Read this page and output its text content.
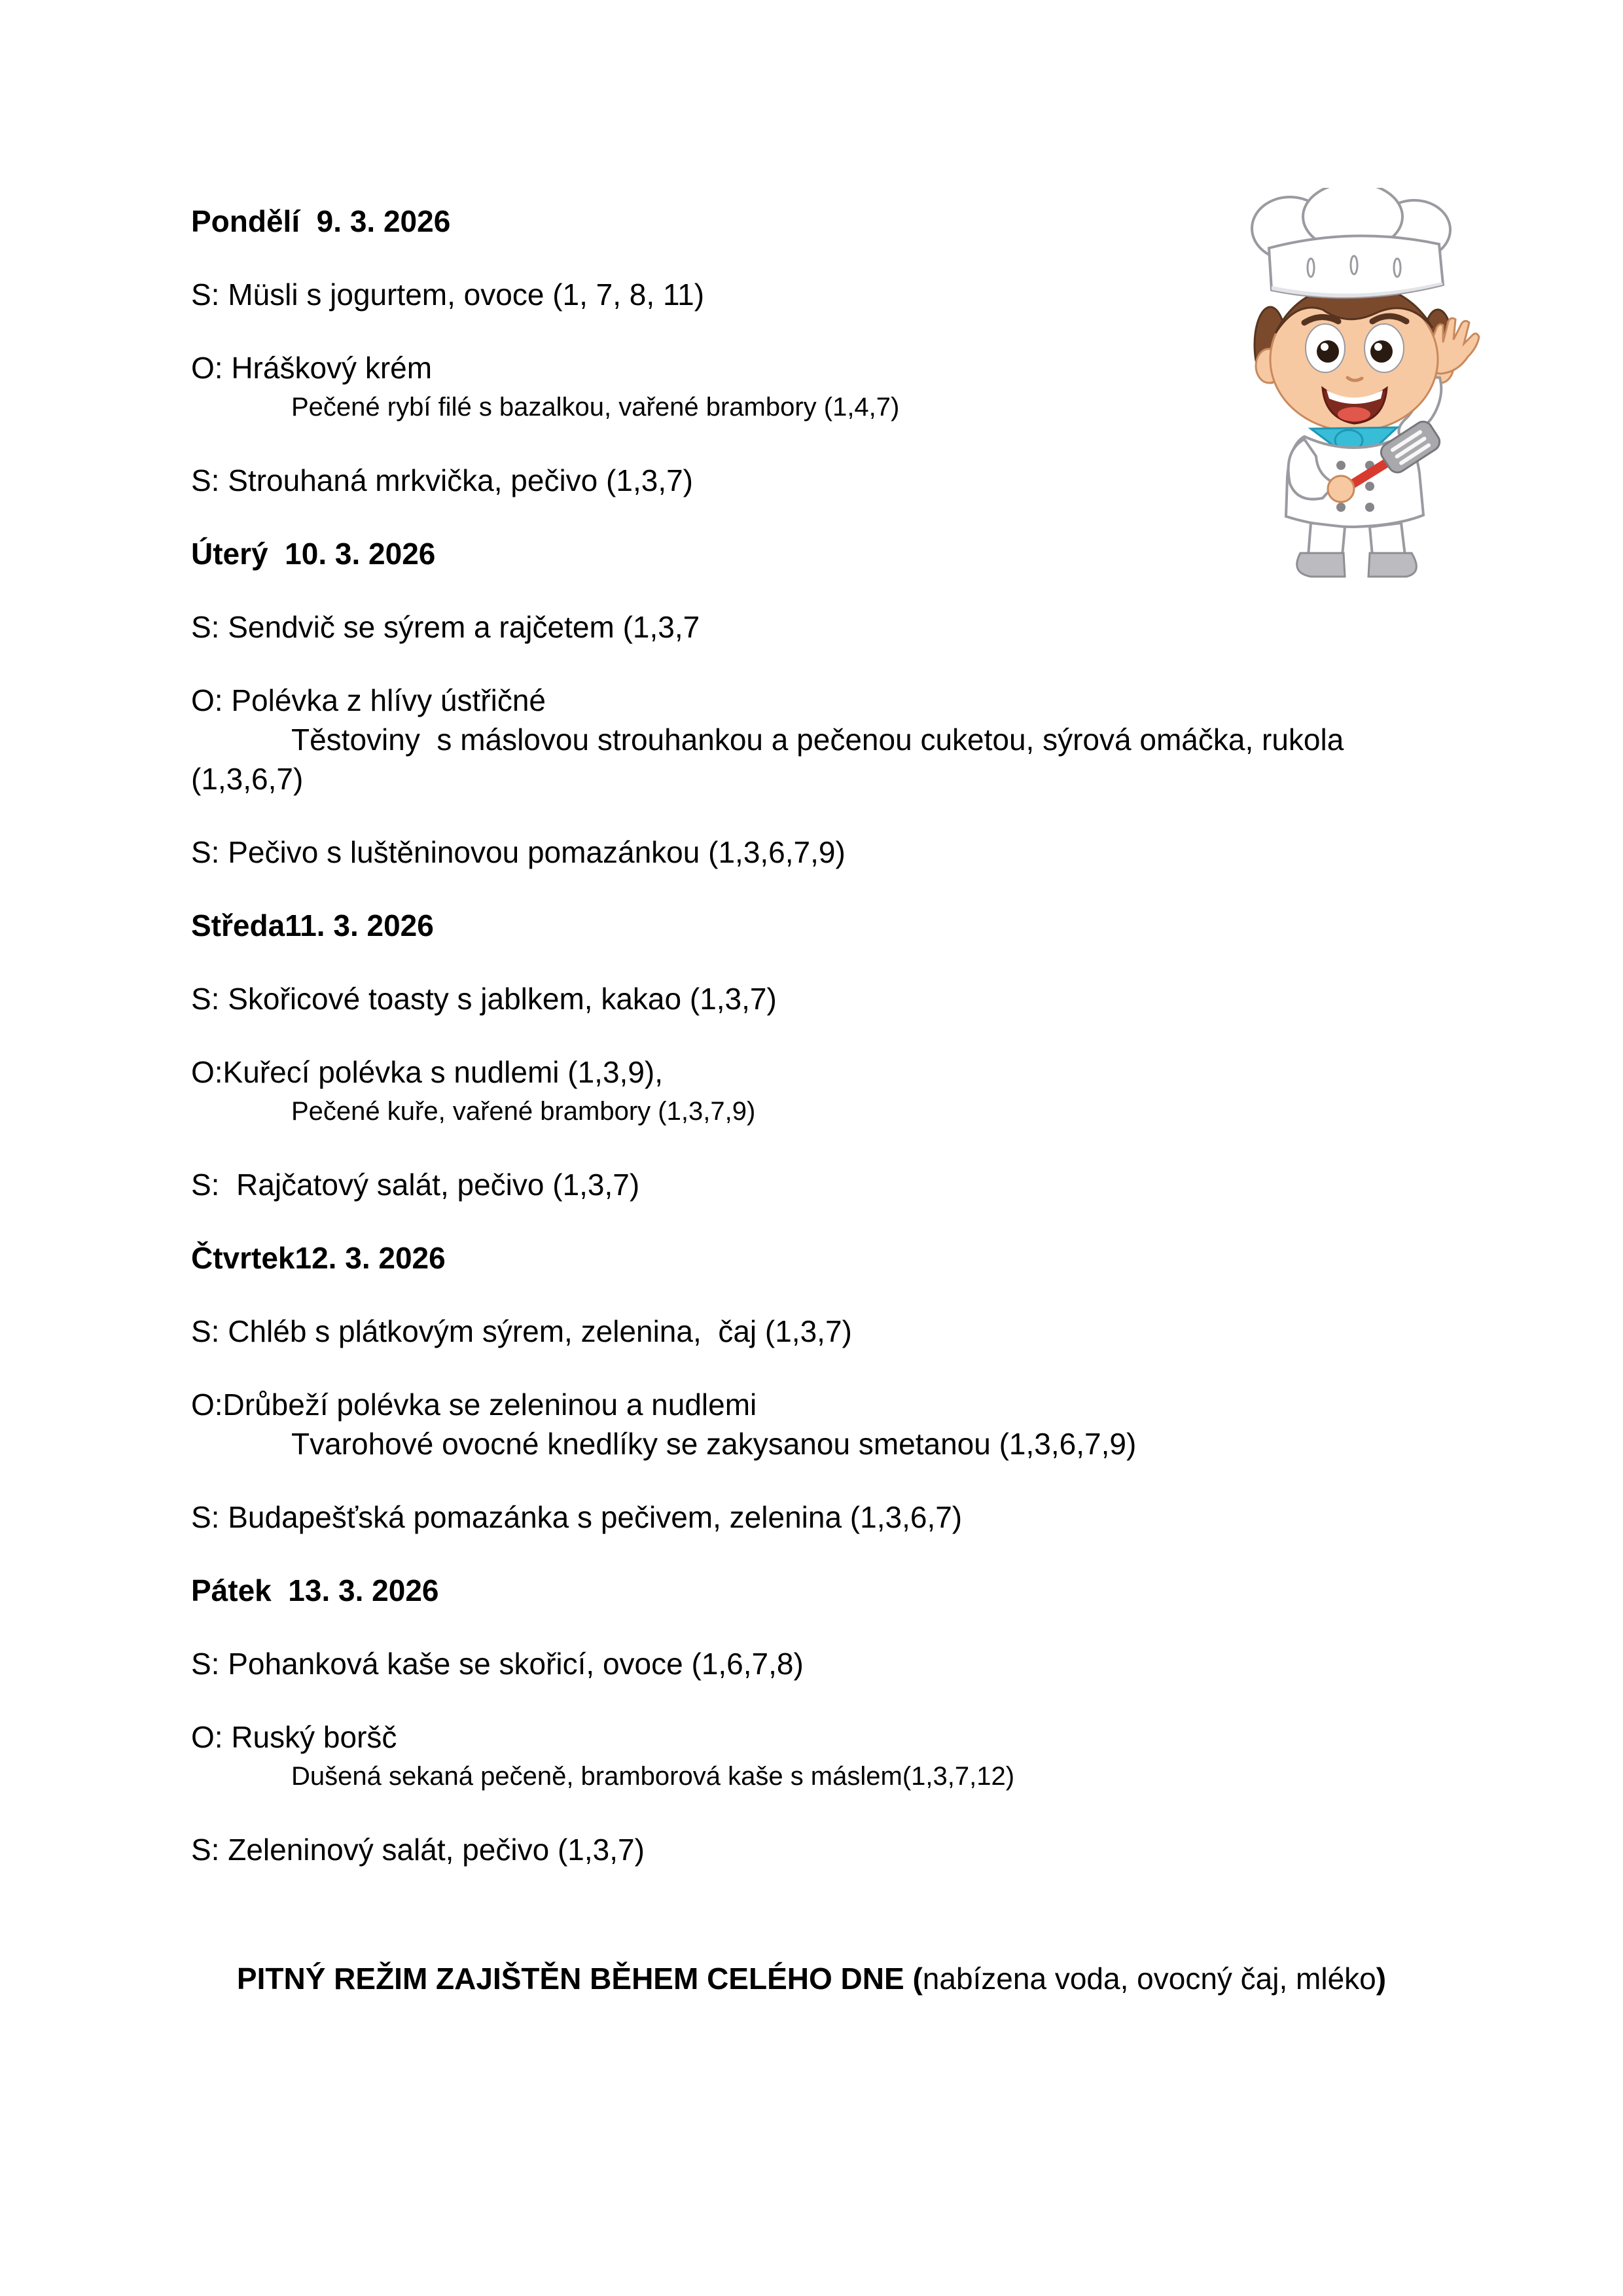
Pondělí  9. 3. 2026

S: Müsli s jogurtem, ovoce (1, 7, 8, 11)

O: Hráškový krém
Pečené rybí filé s bazalkou, vařené brambory (1,4,7)

S: Strouhaná mrkvička, pečivo (1,3,7)

Úterý  10. 3. 2026

S: Sendvič se sýrem a rajčetem (1,3,7

O: Polévka z hlívy ústřičné
Těstoviny  s máslovou strouhankou a pečenou cuketou, sýrová omáčka, rukola
(1,3,6,7)

S: Pečivo s luštěninovou pomazánkou (1,3,6,7,9)

Středa11. 3. 2026

S: Skořicové toasty s jablkem, kakao (1,3,7)

O:Kuřecí polévka s nudlemi (1,3,9),
Pečené kuře, vařené brambory (1,3,7,9)

S:  Rajčatový salát, pečivo (1,3,7)

Čtvrtek12. 3. 2026

S: Chléb s plátkovým sýrem, zelenina,  čaj (1,3,7)

O:Drůbeží polévka se zeleninou a nudlemi
Tvarohové ovocné knedlíky se zakysanou smetanou (1,3,6,7,9)

S: Budapešťská pomazánka s pečivem, zelenina (1,3,6,7)

Pátek  13. 3. 2026

S: Pohanková kaše se skořicí, ovoce (1,6,7,8)

O: Ruský boršč
Dušená sekaná pečeně, bramborová kaše s máslem(1,3,7,12)

S: Zeleninový salát, pečivo (1,3,7)

PITNÝ REŽIM ZAJIŠTĚN BĚHEM CELÉHO DNE (nabízena voda, ovocný čaj, mléko)
